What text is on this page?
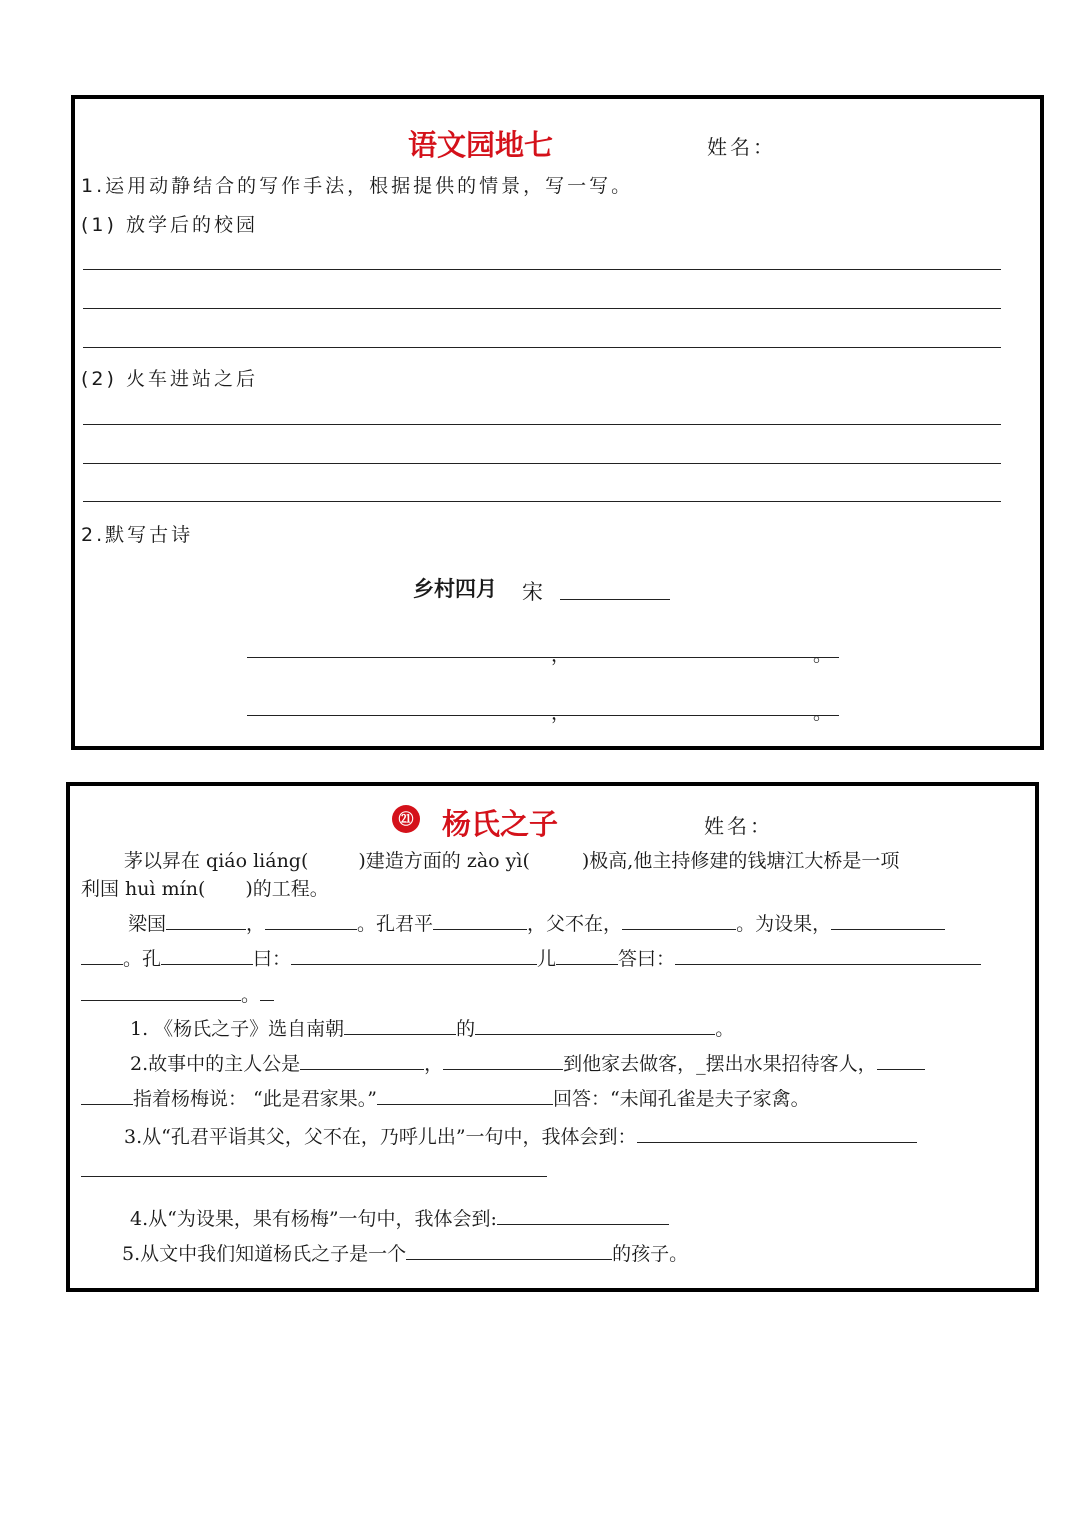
语文园地七	姓名：
1.运用动静结合的写作手法，根据提供的情景，写一写。
(1) 放学后的校园
(2) 火车进站之后
2.默写古诗
乡村四月 宋
，	。
，	。
㉑ 杨氏之子	姓名：
茅以昇在 qiáo liáng(	)建造方面的 zào yì(	)极高,他主持修建的钱塘江大桥是一项
利国 huì mín( )的工程。
梁国	，	。孔君平	，父不在，	。为设果，
。孔	曰：	儿	答曰：
。
1. 《杨氏之子》选自南朝	的	。
2.故事中的主人公是	，	到他家去做客，_摆出水果招待客人，
指着杨梅说： “此是君家果。”	回答：“未闻孔雀是夫子家禽。
3.从“孔君平诣其父，父不在，乃呼儿出”一句中，我体会到：
4.从“为设果，果有杨梅”一句中，我体会到:
5.从文中我们知道杨氏之子是一个	的孩子。
